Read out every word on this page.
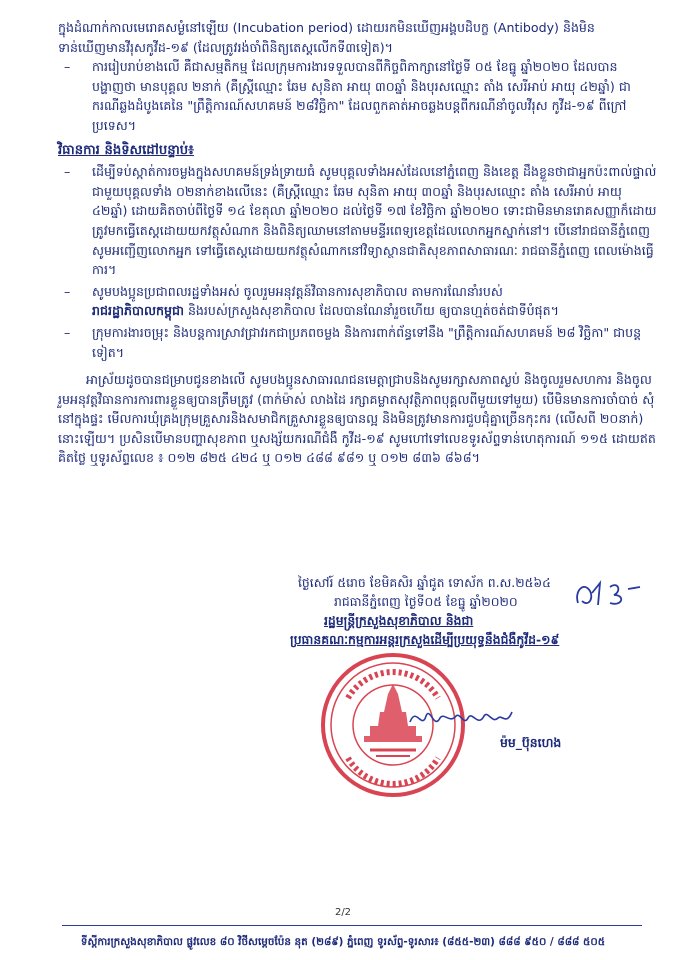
ក្នុងដំណាក់កាលមេរោគសម្ងំនៅឡើយ (Incubation period) ដោយរកមិនឃើញអង្គបដិបក្ខ (Antibody) និងមិន
ទាន់ឃើញមានវីរុសកូវីដ-១៩ (ដែលត្រូវរង់ចាំពិនិត្យតេស្តលើកទី៣ទៀត)។

– ការរៀបរាប់ខាងលើ គឺជាសម្មតិកម្ម ដែលក្រុមការងារទទួលបានពីកិច្ចពិភាក្សានៅថ្ងៃទី ០៥ ខែធ្នូ ឆ្នាំ២០២០ ដែលបានបង្ហាញថា មានបុគ្គល ២នាក់ (គឺស្ត្រីឈ្មោះ ឆែម សុនិតា អាយុ ៣០ឆ្នាំ និងបុរសឈ្មោះ តាំង សេរីអាប់ អាយុ ៤២ឆ្នាំ) ជាករណីឆ្លងដំបូងគេនៃ "ព្រឹត្តិការណ៍សហគមន៍ ២៨វិច្ឆិកា" ដែលពួកគាត់អាចឆ្លងបន្តពីករណីនាំចូលវីរុស កូវីដ-១៩ ពីក្រៅប្រទេស។

វិធានការ និងទិសដៅបន្ទាប់៖

– ដើម្បីទប់ស្កាត់ការចម្លងក្នុងសហគមន៍ទ្រង់ទ្រាយធំ សូមបុគ្គលទាំងអស់ដែលនៅភ្នំពេញ និងខេត្ត ដឹងខ្លួនថាជាអ្នកប៉ះពាល់ផ្ទាល់ជាមួយបុគ្គលទាំង ០២នាក់ខាងលើនេះ (គឺស្ត្រីឈ្មោះ ឆែម សុនិតា អាយុ ៣០ឆ្នាំ និងបុរសឈ្មោះ តាំង សេរីអាប់ អាយុ ៤២ឆ្នាំ) ដោយគិតចាប់ពីថ្ងៃទី ១៤ ខែតុលា ឆ្នាំ២០២០ ដល់ថ្ងៃទី ១៧ ខែវិច្ឆិកា ឆ្នាំ២០២០ ទោះជាមិនមានរោគសញ្ញាក៏ដោយ ត្រូវមកធ្វើតេស្តដោយយកវត្ថុសំណាក និងពិនិត្យឈាមនៅតាមមន្ទីរពេទ្យខេត្តដែលលោកអ្នកស្នាក់នៅ។ បើនៅរាជធានីភ្នំពេញ សូមអញ្ជើញលោកអ្នក ទៅធ្វើតេស្តដោយយកវត្ថុសំណាកនៅវិទ្យាស្ថានជាតិសុខភាពសាធារណៈ រាជធានីភ្នំពេញ ពេលម៉ោងធ្វើការ។

– សូមបងប្អូនប្រជាពលរដ្ឋទាំងអស់ ចូលរួមអនុវត្តន៍វិធានការសុខាភិបាល តាមការណែនាំរបស់
រាជរដ្ឋាភិបាលកម្ពុជា និងរបស់ក្រសួងសុខាភិបាល ដែលបានណែនាំរួចហើយ ឲ្យបានហ្មត់ចត់ជាទីបំផុត។

– ក្រុមការងារចម្រុះ និងបន្តការស្រាវជ្រាវរកជាប្រភពចម្លង និងការពាក់ព័ន្ធទៅនឹង "ព្រឹត្តិការណ៍សហគមន៍ ២៨ វិច្ឆិកា" ជាបន្តទៀត។

អាស្រ័យដូចបានជម្រាបជូនខាងលើ សូមបងប្អូនសាធារណជនមេត្តាជ្រាបនិងសូមរក្សាសភាពស្ងប់ និងចូលរួមសហការ និងចូលរួមអនុវត្តវិធានការការពារខ្លួនឲ្យបានត្រឹមត្រូវ (ពាក់ម៉ាស់ លាងដៃ រក្សាគម្លាតសុវត្ថិភាពបុគ្គលពីមួយទៅមួយ) បើមិនមានការចាំបាច់ សុំនៅក្នុងផ្ទះ មើលការឃុំគ្រងក្រុមគ្រួសារនិងសមាជិកគ្រួសារខ្លួនឲ្យបានល្អ និងមិនត្រូវមានការជួបជុំគ្នាច្រើនកុះករ (លើសពី ២០នាក់) នោះឡើយ។ ប្រសិនបើមានបញ្ហាសុខភាព ឬសង្ស័យករណីជំងឺ កូវីដ-១៩ សូមហៅទៅលេខទូរស័ព្ទទាន់ហេតុការណ៍ ១១៥ ដោយឥតគិតថ្លៃ ឬទូរស័ព្ទលេខ ៖ ០១២ ៨២៥ ៤២៤ ឬ ០១២ ៤៨៨ ៩៨១ ឬ ០១២ ៨៣៦ ៨៦៨។

ថ្ងៃសៅរ៍ ៥រោច ខែមិគសិរ ឆ្នាំជូត ទោស័ក ព.ស.២៥៦៤
រាជធានីភ្នំពេញ ថ្ងៃទី០៥ ខែធ្នូ ឆ្នាំ២០២០
រដ្ឋមន្ត្រីក្រសួងសុខាភិបាល និងជា
ប្រធានគណៈកម្មការអន្តរក្រសួងដើម្បីប្រយុទ្ធនឹងជំងឺកូវីដ-១៩
ម៉ម_ប៊ុនហេង
2/2
ទីស្តីការក្រសួងសុខាភិបាល ផ្លូវលេខ ៨០ វិថីសម្ដេចប៉ែន នុត (២៨៩) ភ្នំពេញ ទូរស័ព្ទ-ទូរសារ៖ (៨៥៥-២៣) ៨៨៨ ៩៥០ / ៨៨៨ ៥០៥
